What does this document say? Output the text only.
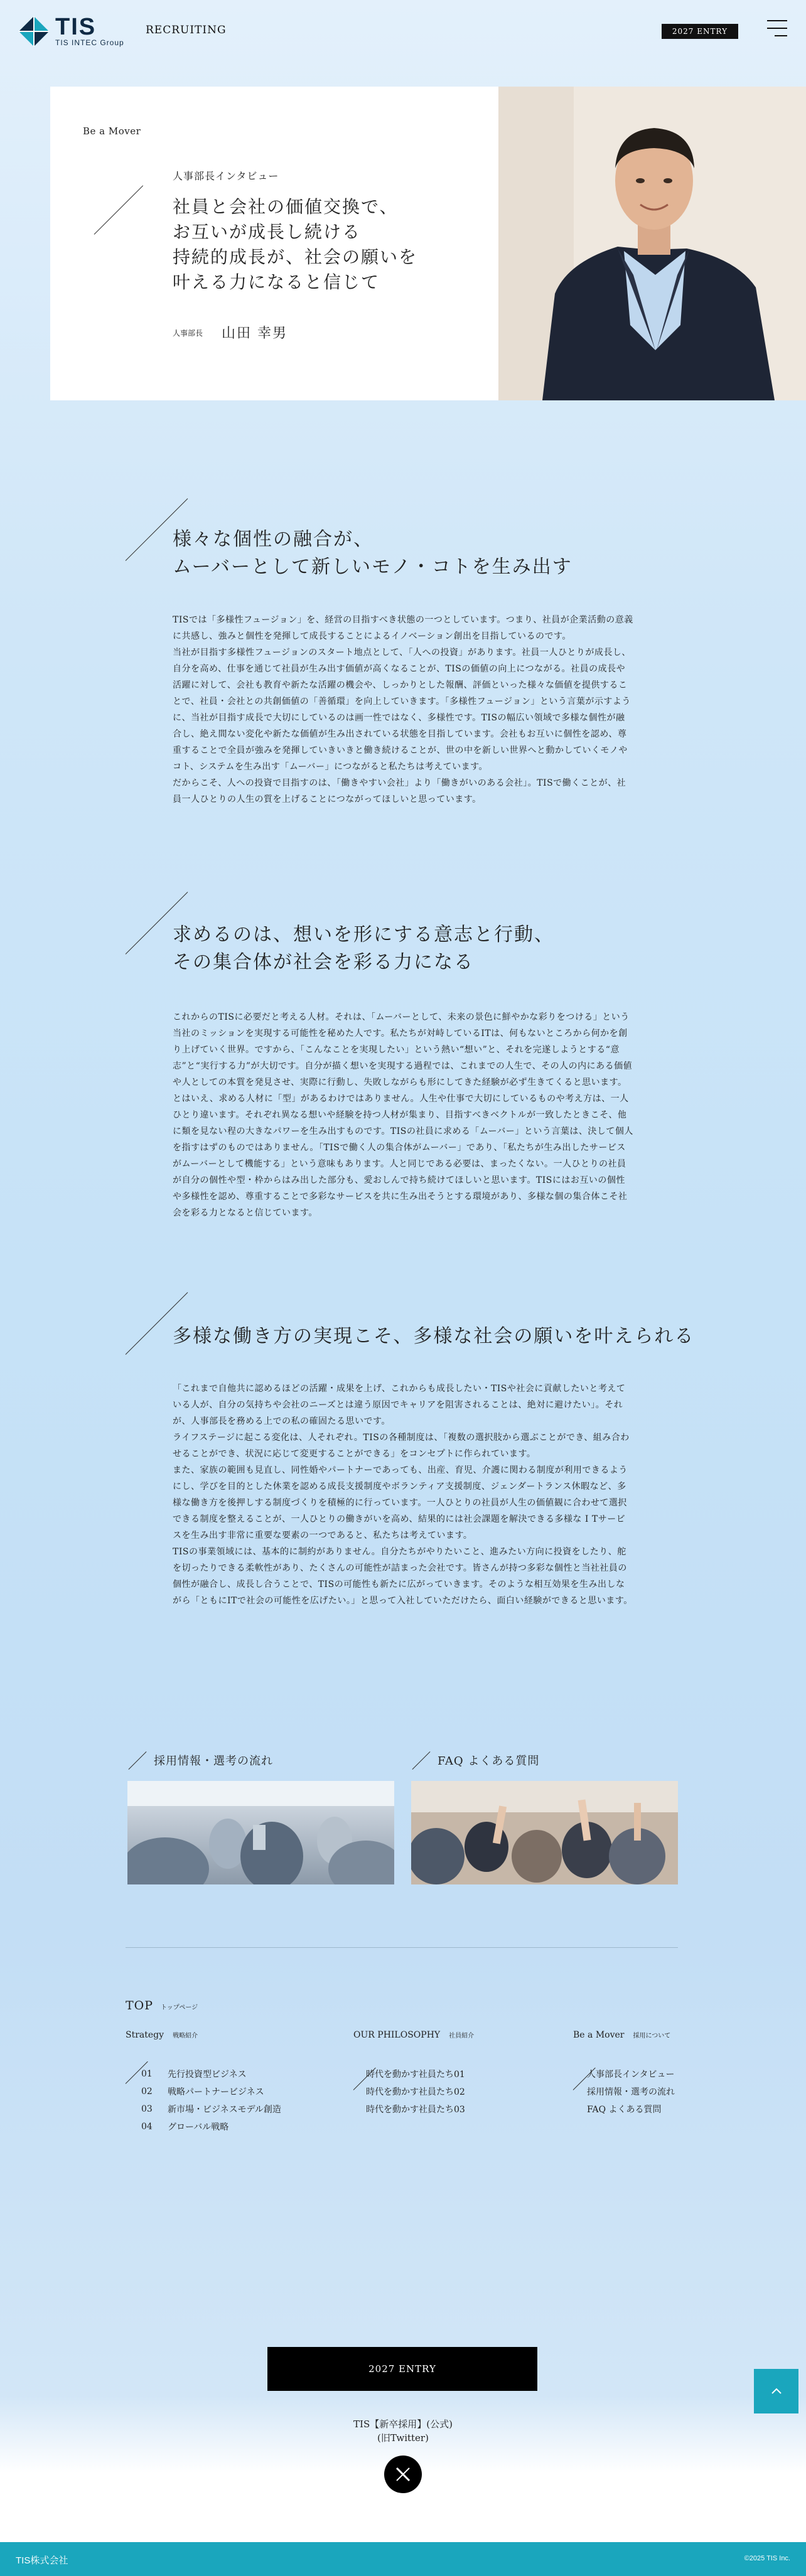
TIS
TIS INTEC Group
RECRUITING	2027 ENTRY
Be a Mover
人事部長インタビュー
社員と会社の価値交換で、
お互いが成長し続ける
持続的成長が、社会の願いを
叶える力になると信じて
人事部長 山田 幸男
様々な個性の融合が、
ムーバーとして新しいモノ・コトを生み出す

TISでは「多様性フュージョン」を、経営の目指すべき状態の一つとしています。つまり、社員が企業活動の意義に共感し、強みと個性を発揮して成長することによるイノベーション創出を目指しているのです。

当社が目指す多様性フュージョンのスタート地点として、「人への投資」があります。社員一人ひとりが成長し、自分を高め、仕事を通じて社員が生み出す価値が高くなることが、TISの価値の向上につながる。社員の成長や活躍に対して、会社も教育や新たな活躍の機会や、しっかりとした報酬、評価といった様々な価値を提供することで、社員・会社との共創価値の「善循環」を向上していきます。「多様性フュージョン」という言葉が示すように、当社が目指す成長で大切にしているのは画一性ではなく、多様性です。TISの幅広い領域で多様な個性が融合し、絶え間ない変化や新たな価値が生み出されている状態を目指しています。会社もお互いに個性を認め、尊重することで全員が強みを発揮していきいきと働き続けることが、世の中を新しい世界へと動かしていくモノやコト、システムを生み出す「ムーバー」につながると私たちは考えています。

だからこそ、人への投資で目指すのは、「働きやすい会社」より「働きがいのある会社」。TISで働くことが、社員一人ひとりの人生の質を上げることにつながってほしいと思っています。

求めるのは、想いを形にする意志と行動、
その集合体が社会を彩る力になる

これからのTISに必要だと考える人材。それは、「ムーバーとして、未来の景色に鮮やかな彩りをつける」という当社のミッションを実現する可能性を秘めた人です。私たちが対峙しているITは、何もないところから何かを創り上げていく世界。ですから、「こんなことを実現したい」という熱い“想い”と、それを完遂しようとする“意志”と“実行する力”が大切です。自分が描く想いを実現する過程では、これまでの人生で、その人の内にある価値や人としての本質を発見させ、実際に行動し、失敗しながらも形にしてきた経験が必ず生きてくると思います。

とはいえ、求める人材に「型」があるわけではありません。人生や仕事で大切にしているものや考え方は、一人ひとり違います。それぞれ異なる想いや経験を持つ人材が集まり、目指すべきベクトルが一致したときこそ、他に類を見ない程の大きなパワーを生み出すものです。TISの社員に求める「ムーバー」という言葉は、決して個人を指すはずのものではありません。「TISで働く人の集合体がムーバー」であり、「私たちが生み出したサービスがムーバーとして機能する」という意味もあります。人と同じである必要は、まったくない。一人ひとりの社員が自分の個性や型・枠からはみ出した部分も、愛おしんで持ち続けてほしいと思います。TISにはお互いの個性や多様性を認め、尊重することで多彩なサービスを共に生み出そうとする環境があり、多様な個の集合体こそ社会を彩る力となると信じています。

多様な働き方の実現こそ、多様な社会の願いを叶えられる

「これまで自他共に認めるほどの活躍・成果を上げ、これからも成長したい・TISや社会に貢献したいと考えている人が、自分の気持ちや会社のニーズとは違う原因でキャリアを阻害されることは、絶対に避けたい」。それが、人事部長を務める上での私の確固たる思いです。

ライフステージに起こる変化は、人それぞれ。TISの各種制度は、「複数の選択肢から選ぶことができ、組み合わせることができ、状況に応じて変更することができる」をコンセプトに作られています。

また、家族の範囲も見直し、同性婚やパートナーであっても、出産、育児、介護に関わる制度が利用できるようにし、学びを目的とした休業を認める成長支援制度やボランティア支援制度、ジェンダートランス休暇など、多様な働き方を後押しする制度づくりを積極的に行っています。一人ひとりの社員が人生の価値観に合わせて選択できる制度を整えることが、一人ひとりの働きがいを高め、結果的には社会課題を解決できる多様な I Tサービスを生み出す非常に重要な要素の一つであると、私たちは考えています。

TISの事業領域には、基本的に制約がありません。自分たちがやりたいこと、進みたい方向に投資をしたり、舵を切ったりできる柔軟性があり、たくさんの可能性が詰まった会社です。皆さんが持つ多彩な個性と当社社員の個性が融合し、成長し合うことで、TISの可能性も新たに広がっていきます。そのような相互効果を生み出しながら「ともにITで社会の可能性を広げたい。」と思って入社していただけたら、面白い経験ができると思います。

採用情報・選考の流れ	FAQ よくある質問
TOP トップページ
Strategy 戦略紹介
01	先行投資型ビジネス
02	戦略パートナービジネス
03	新市場・ビジネスモデル創造
04	グローバル戦略
OUR PHILOSOPHY 社員紹介
時代を動かす社員たち01
時代を動かす社員たち02
時代を動かす社員たち03
Be a Mover 採用について
人事部長インタビュー
採用情報・選考の流れ
FAQ よくある質問
2027 ENTRY
TIS【新卒採用】(公式)
(旧Twitter)
TIS株式会社	©2025 TIS Inc.
